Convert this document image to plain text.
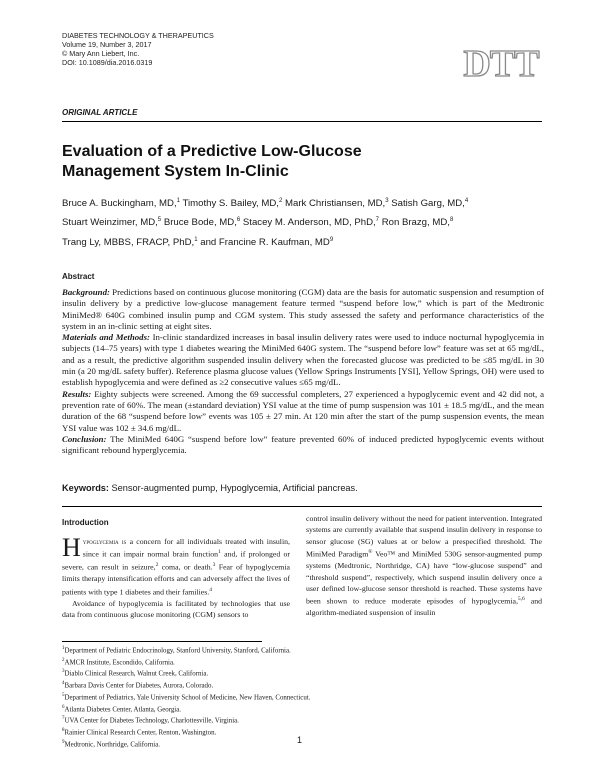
DIABETES TECHNOLOGY & THERAPEUTICS
Volume 19, Number 3, 2017
© Mary Ann Liebert, Inc.
DOI: 10.1089/dia.2016.0319	DTT
ORIGINAL ARTICLE
Evaluation of a Predictive Low-Glucose
Management System In-Clinic
Bruce A. Buckingham, MD,$^1$ Timothy S. Bailey, MD,$^2$ Mark Christiansen, MD,$^3$ Satish Garg, MD,$^4$
Stuart Weinzimer, MD,$^5$ Bruce Bode, MD,$^6$ Stacey M. Anderson, MD, PhD,$^7$ Ron Brazg, MD,$^8$
Trang Ly, MBBS, FRACP, PhD,$^1$ and Francine R. Kaufman, $MD^9$
Abstract

Background: Predictions based on continuous glucose monitoring (CGM) data are the basis for automatic suspension and resumption of insulin delivery by a predictive low-glucose management feature termed “suspend before low,” which is part of the Medtronic MiniMed® 640G combined insulin pump and CGM system. This study assessed the safety and performance characteristics of the system in an in-clinic setting at eight sites.

Materials and Methods: In-clinic standardized increases in basal insulin delivery rates were used to induce nocturnal hypoglycemia in subjects (14–75 years) with type 1 diabetes wearing the MiniMed 640G system. The “suspend before low” feature was set at 65 mg/dL, and as a result, the predictive algorithm suspended insulin delivery when the forecasted glucose was predicted to be ≤85 mg/dL in 30 min (a 20 mg/dL safety buffer). Reference plasma glucose values (Yellow Springs Instruments [YSI], Yellow Springs, OH) were used to establish hypoglycemia and were defined as ≥2 consecutive values ≤65 mg/dL.

Results: Eighty subjects were screened. Among the 69 successful completers, 27 experienced a hypoglycemic event and 42 did not, a prevention rate of 60%. The mean (±standard deviation) YSI value at the time of pump suspension was 101 ± 18.5 mg/dL, and the mean duration of the 68 “suspend before low” events was 105 ± 27 min. At 120 min after the start of the pump suspension events, the mean YSI value was 102 ± 34.6 mg/dL.

Conclusion: The MiniMed 640G “suspend before low” feature prevented 60% of induced predicted hypoglycemic events without significant rebound hyperglycemia.

Keywords: Sensor-augmented pump, Hypoglycemia, Artificial pancreas.
Introduction

Hypoglycemia is a concern for all individuals treated with insulin, since it can impair normal brain function$^1$ and, if prolonged or severe, can result in seizure,$^2$ coma, or death.$^3$ Fear of hypoglycemia limits therapy intensification efforts and can adversely affect the lives of patients with type 1 diabetes and their families.$^4$

Avoidance of hypoglycemia is facilitated by technologies that use data from continuous glucose monitoring (CGM) sensors to

control insulin delivery without the need for patient intervention. Integrated systems are currently available that suspend insulin delivery in response to sensor glucose (SG) values at or below a prespecified threshold. The MiniMed Paradigm® Veo™ and MiniMed 530G sensor-augmented pump systems (Medtronic, Northridge, CA) have “low-glucose suspend” and “threshold suspend”, respectively, which suspend insulin delivery once a user defined low-glucose sensor threshold is reached. These systems have been shown to reduce moderate episodes of hypoglycemia,$^{5,6}$ and algorithm-mediated suspension of insulin
$^1$Department of Pediatric Endocrinology, Stanford University, Stanford, California.
$^2$AMCR Institute, Escondido, California.
$^3$Diablo Clinical Research, Walnut Creek, California.
$^4$Barbara Davis Center for Diabetes, Aurora, Colorado.
$^5$Department of Pediatrics, Yale University School of Medicine, New Haven, Connecticut.
$^6$Atlanta Diabetes Center, Atlanta, Georgia.
$^7$UVA Center for Diabetes Technology, Charlottesville, Virginia.
$^8$Rainier Clinical Research Center, Renton, Washington.
$^9$Medtronic, Northridge, California.	1
